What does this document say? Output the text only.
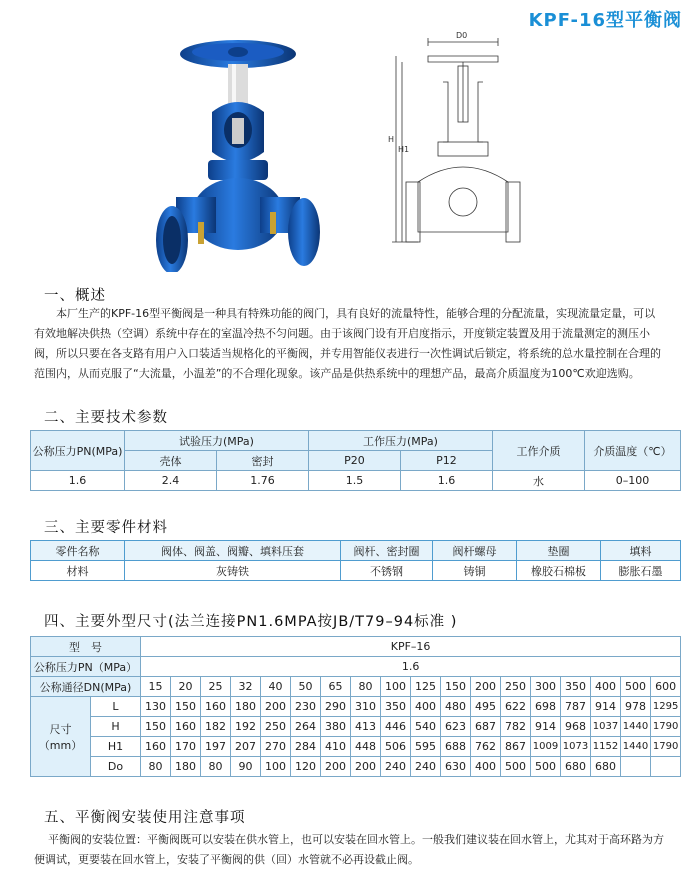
KPF-16型平衡阀
D0
H
H1
一、概述

本厂生产的KPF-16型平衡阀是一种具有特殊功能的阀门，具有良好的流量特性，能够合理的分配流量，实现流量定量，可以有效地解决供热（空调）系统中存在的室温冷热不匀问题。由于该阀门设有开启度指示，开度锁定装置及用于流量测定的测压小阀，所以只要在各支路有用户入口装适当规格化的平衡阀，并专用智能仪表进行一次性调试后锁定，将系统的总水量控制在合理的范围内，从而克服了“大流量，小温差”的不合理化现象。该产品是供热系统中的理想产品，最高介质温度为100℃欢迎选购。

二、主要技术参数
公称压力PN(MPa)	试验压力(MPa)		工作压力(MPa)		工作介质	介质温度（℃）
	壳体	密封	P20	P12		
1.6	2.4	1.76	1.5	1.6	水	0–100
三、主要零件材料
零件名称	阀体、阀盖、阀瓣、填料压套	阀杆、密封圈	阀杆螺母	垫圈	填料
材料	灰铸铁	不锈钢	铸铜	橡胶石棉板	膨胀石墨
四、主要外型尺寸(法兰连接PN1.6MPA按JB/T79–94标准 )
型　号		KPF–16																	
公称压力PN（MPa）		1.6																	
公称通径DN(MPa)		15	20	25	32	40	50	65	80	100	125	150	200	250	300	350	400	500	600
尺寸
（mm）	L	130	150	160	180	200	230	290	310	350	400	480	495	622	698	787	914	978	1295
	H	150	160	182	192	250	264	380	413	446	540	623	687	782	914	968	1037	1440	1790
	H1	160	170	197	207	270	284	410	448	506	595	688	762	867	1009	1073	1152	1440	1790
	Do	80	180	80	90	100	120	200	200	240	240	630	400	500	500	680	680		
五、平衡阀安装使用注意事项

平衡阀的安装位置：平衡阀既可以安装在供水管上，也可以安装在回水管上。一般我们建议装在回水管上，尤其对于高环路为方便调试，更要装在回水管上，安装了平衡阀的供（回）水管就不必再设截止阀。
